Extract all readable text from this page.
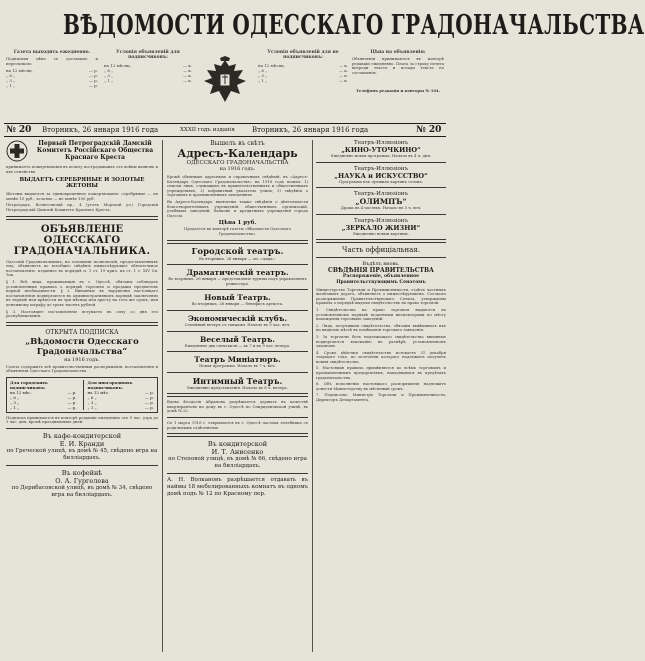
ВѢДОМОСТИ ОДЕССКАГО ГРАДОНАЧАЛЬСТВА
Газета выходить ежедневно.
Подписная цѣна съ доставкою и пересылкою:
на 12 мѣсяц.	— р.
„ 6 „	— р.
„ 3 „	— р.
„ 1 „	— р.
Условія объявленій для подписчиковъ:
на 12 мѣсяц.	— к.
„ 6 „	— к.
„ 3 „	— к.
„ 1 „	— к.
Условія объявленій для не подписчиковъ:
на 12 мѣсяц.	— к.
„ 6 „	— к.
„ 3 „	— к.
„ 1 „	— к.
Цѣна на объявленія:
Объявленія принимаются въ конторѣ редакціи ежедневно. Плата за строку петита впереди текста и позади текста по соглашенію.
Телефонъ редакціи и конторы № 104.
№ 20 Вторникъ, 26 января 1916 года	ХХХІІ годъ изданія Вторникъ, 26 января 1916 года	№ 20
Первый Петроградскій Дамскій Комитетъ Россійскаго Общества Краснаго Креста
принимаетъ пожертвованія въ пользу пострадавшихъ отъ войны воиновъ и ихъ семействъ.
ВЫДАЕТЪ СЕРЕБРЯНЫЕ И ЗОЛОТЫЕ ЖЕТОНЫ
Жетоны выдаются за единовременное пожертвованіе: серебряные — не менѣе 10 руб., золотые — не менѣе 100 руб.
Петроградъ, Вознесенскій пр., 4 (уголъ Морской ул.) Городскій Петроградскій Дамскій Комитетъ Краснаго Креста.
ОБЪЯВЛЕНІЕ
ОДЕССКАГО ГРАДОНАЧАЛЬНИКА.
Одесскій Градоначальникъ, на основаніи полномочій, предоставленныхъ ему, объявляетъ во всеобщее свѣдѣніе нижеслѣдующее обязательное постановленіе, изданное въ порядкѣ п. 1 ст. 19 прил. къ ст. 1 т. XIV Св. Зак.
§ 1. Всѣ лица, проживающія въ г. Одессѣ, обязаны соблюдать установленныя правила о порядкѣ торговли и продажи предметовъ первой необходимости. § 2. Виновные въ нарушеніи настоящаго постановленія подвергаются въ административномъ порядкѣ заключенію въ тюрьмѣ или крѣпости на три мѣсяца или аресту на тотъ же срокъ, или денежному штрафу до трехъ тысячъ рублей.
§ 3. Настоящее постановленіе вступаетъ въ силу со дня его распубликованія.
ОТКРЫТА ПОДПИСКА
„Вѣдомости Одесскаго Градоначальства“
на 1916 годъ.
Газета содержитъ всѣ правительственныя распоряженія, постановленія и объявленія Одесскаго Градоначальства.
Для городскихъ подписчиковъ:
на 12 мѣс.	— р.
„ 6 „	— р.
„ 3 „	— р.
„ 1 „	— р.
Для иногородныхъ подписчиковъ:
на 12 мѣс.	— р.
„ 6 „	— р.
„ 3 „	— р.
„ 1 „	— р.
Подписка принимается въ конторѣ редакціи ежедневно отъ 9 час. утра до 3 час. дня, кромѣ праздничныхъ дней.
Въ кафе-кондитерской
Е. И. Кранди
по Греческой улицѣ, въ домѣ № 45, свѣдено игра на билліардахъ.
Въ кофейнѣ
О. А. Гургелева
по Дерибасовской улицѣ, въ домѣ № 34, свѣдено игра на билліардахъ.
Вышелъ въ свѣтъ
Адресъ-Календарь
ОДЕССКАГО ГРАДОНАЧАЛЬСТВА
на 1916 годъ.
Кромѣ обычныхъ адресныхъ и справочныхъ свѣдѣній, въ «Адресъ-Календарь Одесскаго Градоначальства» на 1916 годъ вошли: 1) списки лицъ, служащихъ въ правительственныхъ и общественныхъ учрежденіяхъ; 2) алфавитный указатель улицъ; 3) свѣдѣнія о торговыхъ и промышленныхъ заведеніяхъ.
Въ Адресъ-Календарь включены также свѣдѣнія о дѣятельности благотворительныхъ учрежденій, общественныхъ организацій, учебныхъ заведеній, банковъ и кредитныхъ учрежденій города Одессы.
Цѣна 1 руб.
Продается въ конторѣ газеты «Вѣдомости Одесскаго Градоначальства».
Городской театръ.
Во вторникъ, 26 января — оп. «Аида».
Драматическій театръ.
Во вторникъ, 26 января — представленіе труппы подъ управленіемъ режиссера.
Новый Театръ.
Во вторникъ, 26 января — бенефисъ артиста.
Экономическій клубъ.
Семейный вечеръ съ танцами. Начало въ 9 час. веч.
Веселый Театръ.
Ежедневно два спектакля — въ 7 и въ 9 час. вечера.
Театръ Миніатюръ.
Новая программа. Начало въ 7 ч. веч.
Интимный Театръ.
Ежедневно представленія. Начало въ 8 ч. вечера.
Вдова Феодосія Абрамова разрѣшается держать въ качествѣ квартирантовъ на дому въ г. Одессѣ по Спиридоновской улицѣ, въ домѣ № 22.
Съ 1 марта 1916 г. открывается въ г. Одессѣ частная лечебница съ родильнымъ отдѣленіемъ.
Въ кондитерской
И. Т. Анисенко
по Степовой улицѣ, въ домѣ № 66, свѣдено игра на билліардахъ.
А. Н. Волкановъ разрѣшается отдавать въ наймы 18 мебелированныхъ комнатъ въ одномъ домѣ подъ № 12 по Красному пер.
Театръ-Иллюзіонъ
„КИНО-УТОЧКИНО“
Ежедневно новая программа. Начало въ 4 ч. дня.
Театръ-Иллюзіонъ
„НАУКА и ИСКУССТВО“
Программа изъ лучшихъ картинъ сезона.
Театръ-Иллюзіонъ
„ОЛИМПЪ“
Драма въ 4 частяхъ. Начало въ 5 ч. веч.
Театръ-Иллюзіонъ
„ЗЕРКАЛО ЖИЗНИ“
Ежедневно новыя картины.
Часть оффиціальная.
Въдѣлъ вновь.
СВѢДѢНІЯ ПРАВИТЕЛЬСТВА
Распоряженіе, объявленное Правительствующимъ Сенатомъ
Министерство Торговли и Промышленности, отдѣлъ частныхъ желѣзныхъ дорогъ, объявляетъ о нижеслѣдующемъ. Согласно распоряженію Правительствующаго Сената, утверждены правила о порядкѣ выдачи свидѣтельствъ на право торговли.
1. Свидѣтельства на право торговли выдаются въ установленномъ порядкѣ податными инспекторами по мѣсту нахожденія торговыхъ заведеній.
2. Лица, получившія свидѣтельства, обязаны вывѣшивать ихъ на видномъ мѣстѣ въ помѣщеніи торговаго заведенія.
3. За торговлю безъ надлежащаго свидѣтельства виновные подвергаются взысканію въ размѣрѣ, установленномъ закономъ.
4. Срокъ дѣйствія свидѣтельствъ истекаетъ 31 декабря текущаго года, по истеченіи котораго надлежитъ получить новыя свидѣтельства.
5. Настоящія правила примѣняются ко всѣмъ торговымъ и промышленнымъ предпріятіямъ, находящимся въ предѣлахъ градоначальства.
6. Объ исполненіи настоящаго распоряженія надлежитъ донести Министерству въ мѣсячный срокъ.
7. Подписали: Министръ Торговли и Промышленности; Директоръ Департамента.
